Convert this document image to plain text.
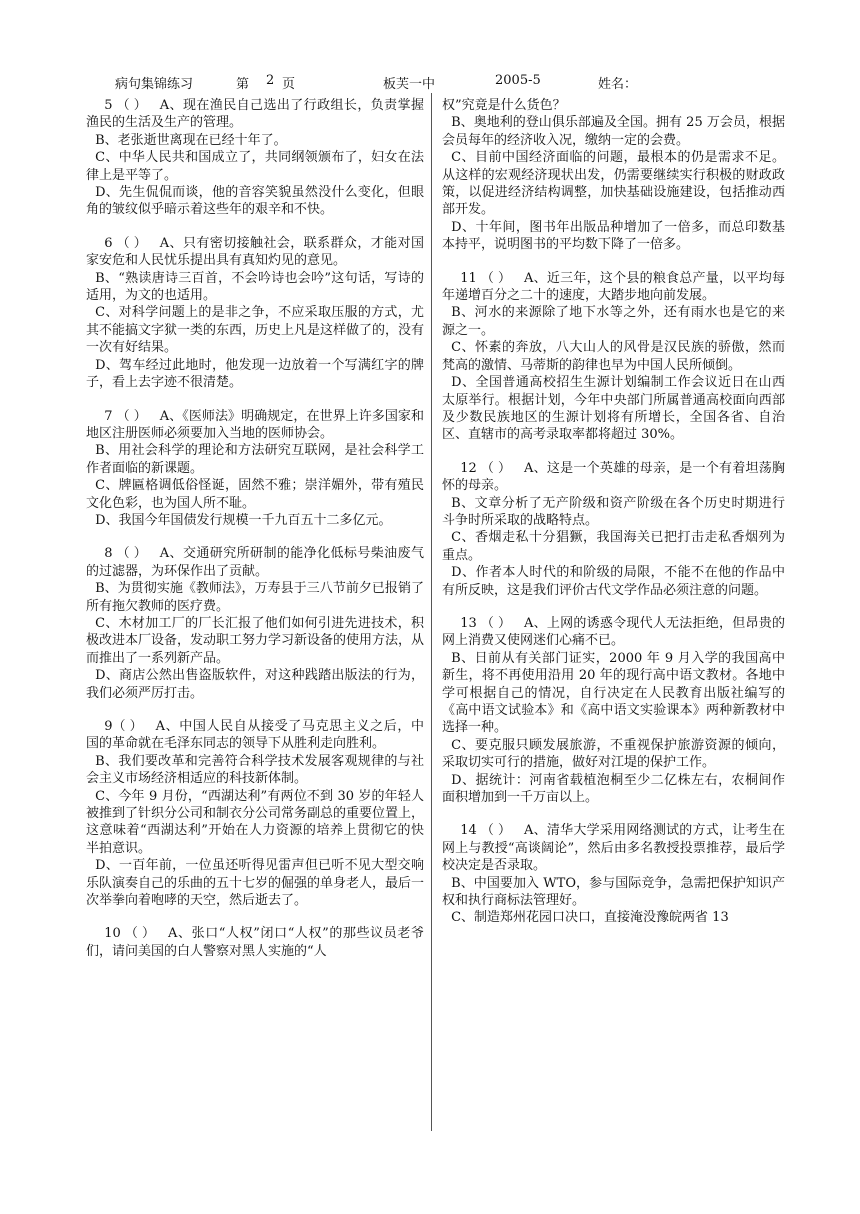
病句集锦练习	第 2 页	板芙一中	2005-5	姓名：

5 （ ）  A、现在渔民自己选出了行政组长，负责掌握渔民的生活及生产的管理。

B、老张逝世离现在已经十年了。

C、中华人民共和国成立了，共同纲领颁布了，妇女在法律上是平等了。

D、先生侃侃而谈，他的音容笑貌虽然没什么变化，但眼角的皱纹似乎暗示着这些年的艰辛和不快。

6 （ ）  A、只有密切接触社会，联系群众，才能对国家安危和人民忧乐提出具有真知灼见的意见。

B、“熟读唐诗三百首，不会吟诗也会吟”这句话，写诗的适用，为文的也适用。

C、对科学问题上的是非之争，不应采取压服的方式，尤其不能搞文字狱一类的东西，历史上凡是这样做了的，没有一次有好结果。

D、驾车经过此地时，他发现一边放着一个写满红字的牌子，看上去字迹不很清楚。

7 （ ）  A、《医师法》明确规定，在世界上许多国家和地区注册医师必须要加入当地的医师协会。

B、用社会科学的理论和方法研究互联网，是社会科学工作者面临的新课题。

C、牌匾格调低俗怪诞，固然不雅；崇洋媚外，带有殖民文化色彩，也为国人所不耻。

D、我国今年国债发行规模一千九百五十二多亿元。

8 （ ）  A、交通研究所研制的能净化低标号柴油废气的过滤器，为环保作出了贡献。

B、为贯彻实施《教师法》，万寿县于三八节前夕已报销了所有拖欠教师的医疗费。

C、木材加工厂的厂长汇报了他们如何引进先进技术，积极改进本厂设备，发动职工努力学习新设备的使用方法，从而推出了一系列新产品。

D、商店公然出售盗版软件，对这种践踏出版法的行为，我们必须严厉打击。

9（ ）  A、中国人民自从接受了马克思主义之后，中国的革命就在毛泽东同志的领导下从胜利走向胜利。

B、我们要改革和完善符合科学技术发展客观规律的与社会主义市场经济相适应的科技新体制。

C、今年 9 月份，“西湖达利”有两位不到 30 岁的年轻人被推到了针织分公司和制衣分公司常务副总的重要位置上，这意味着“西湖达利”开始在人力资源的培养上贯彻它的快半拍意识。

D、一百年前，一位虽还听得见雷声但已听不见大型交响乐队演奏自己的乐曲的五十七岁的倔强的单身老人，最后一次举拳向着咆哮的天空，然后逝去了。

10 （ ）  A、张口“人权”闭口“人权”的那些议员老爷们，请问美国的白人警察对黑人实施的“人

权”究竟是什么货色？

B、奥地利的登山俱乐部遍及全国。拥有 25 万会员，根据会员每年的经济收入况，缴纳一定的会费。

C、目前中国经济面临的问题，最根本的仍是需求不足。从这样的宏观经济现状出发，仍需要继续实行积极的财政政策，以促进经济结构调整，加快基础设施建设，包括推动西部开发。

D、十年间，图书年出版品种增加了一倍多，而总印数基本持平，说明图书的平均数下降了一倍多。

11 （ ）  A、近三年，这个县的粮食总产量，以平均每年递增百分之二十的速度，大踏步地向前发展。

B、河水的来源除了地下水等之外，还有雨水也是它的来源之一。

C、怀素的奔放，八大山人的风骨是汉民族的骄傲，然而梵高的激情、马蒂斯的韵律也早为中国人民所倾倒。

D、全国普通高校招生生源计划编制工作会议近日在山西太原举行。根据计划，今年中央部门所属普通高校面向西部及少数民族地区的生源计划将有所增长，全国各省、自治区、直辖市的高考录取率都将超过 30%。

12 （ ）  A、这是一个英雄的母亲，是一个有着坦荡胸怀的母亲。

B、文章分析了无产阶级和资产阶级在各个历史时期进行斗争时所采取的战略特点。

C、香烟走私十分猖獗，我国海关已把打击走私香烟列为重点。

D、作者本人时代的和阶级的局限，不能不在他的作品中有所反映，这是我们评价古代文学作品必须注意的问题。

13 （ ）  A、上网的诱惑令现代人无法拒绝，但昂贵的网上消费又使网迷们心痛不已。

B、日前从有关部门证实，2000 年 9 月入学的我国高中新生，将不再使用沿用 20 年的现行高中语文教材。各地中学可根据自己的情况，自行决定在人民教育出版社编写的《高中语文试验本》和《高中语文实验课本》两种新教材中选择一种。

C、要克服只顾发展旅游，不重视保护旅游资源的倾向，采取切实可行的措施，做好对江堤的保护工作。

D、据统计：河南省载植泡桐至少二亿株左右，农桐间作面积增加到一千万亩以上。

14 （ ）  A、清华大学采用网络测试的方式，让考生在网上与教授“高谈阔论”，然后由多名教授投票推荐，最后学校决定是否录取。

B、中国要加入 WTO，参与国际竞争，急需把保护知识产权和执行商标法管理好。

C、制造郑州花园口决口，直接淹没豫皖两省 13
